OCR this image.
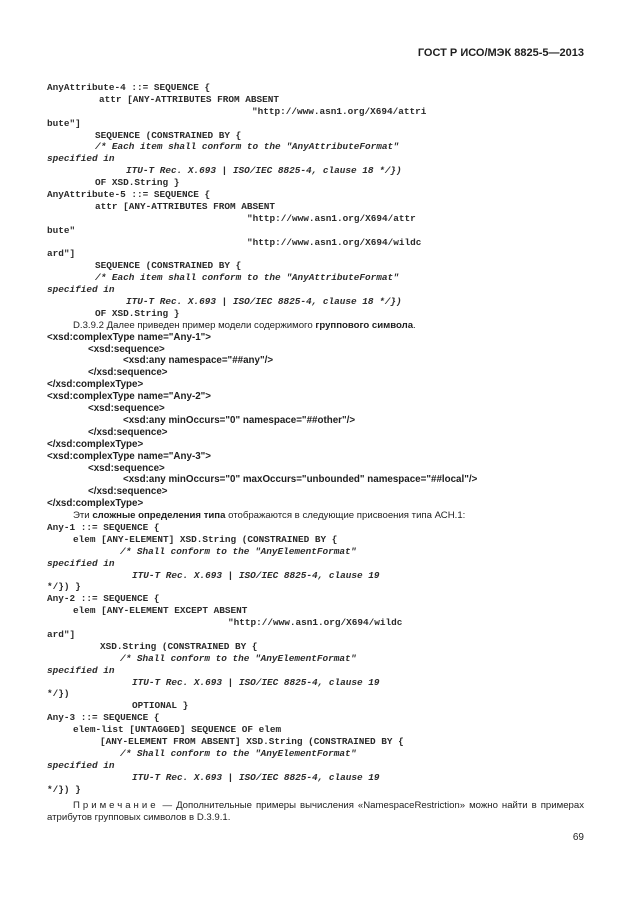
ГОСТ Р ИСО/МЭК 8825-5—2013
AnyAttribute-4 ::= SEQUENCE {
attr [ANY-ATTRIBUTES FROM ABSENT
"http://www.asn1.org/X694/attri
bute"]
SEQUENCE (CONSTRAINED BY {
/* Each item shall conform to the "AnyAttributeFormat"
specified in
ITU-T Rec. X.693 | ISO/IEC 8825-4, clause 18 */})
OF XSD.String }
AnyAttribute-5 ::= SEQUENCE {
attr [ANY-ATTRIBUTES FROM ABSENT
"http://www.asn1.org/X694/attr
bute"
"http://www.asn1.org/X694/wildc
ard"]
SEQUENCE (CONSTRAINED BY {
/* Each item shall conform to the "AnyAttributeFormat"
specified in
ITU-T Rec. X.693 | ISO/IEC 8825-4, clause 18 */})
OF XSD.String }
D.3.9.2 Далее приведен пример модели содержимого группового символа.
<xsd:complexType name="Any-1">
<xsd:sequence>
<xsd:any namespace="##any"/>
</xsd:sequence>
</xsd:complexType>
<xsd:complexType name="Any-2">
<xsd:sequence>
<xsd:any minOccurs="0" namespace="##other"/>
</xsd:sequence>
</xsd:complexType>
<xsd:complexType name="Any-3">
<xsd:sequence>
<xsd:any minOccurs="0" maxOccurs="unbounded" namespace="##local"/>
</xsd:sequence>
</xsd:complexType>
Эти сложные определения типа отображаются в следующие присвоения типа АСН.1:
Any-1 ::= SEQUENCE {
elem [ANY-ELEMENT] XSD.String (CONSTRAINED BY {
/* Shall conform to the "AnyElementFormat"
specified in
ITU-T Rec. X.693 | ISO/IEC 8825-4, clause 19
*/}) }
Any-2 ::= SEQUENCE {
elem [ANY-ELEMENT EXCEPT ABSENT
"http://www.asn1.org/X694/wildc
ard"]
XSD.String (CONSTRAINED BY {
/* Shall conform to the "AnyElementFormat"
specified in
ITU-T Rec. X.693 | ISO/IEC 8825-4, clause 19
*/})
OPTIONAL }
Any-3 ::= SEQUENCE {
elem-list [UNTAGGED] SEQUENCE OF elem
[ANY-ELEMENT FROM ABSENT] XSD.String (CONSTRAINED BY {
/* Shall conform to the "AnyElementFormat"
specified in
ITU-T Rec. X.693 | ISO/IEC 8825-4, clause 19
*/}) }
Примечание — Дополнительные примеры вычисления «NamespaceRestriction» можно найти в примерах атрибутов групповых символов в D.3.9.1.
69
